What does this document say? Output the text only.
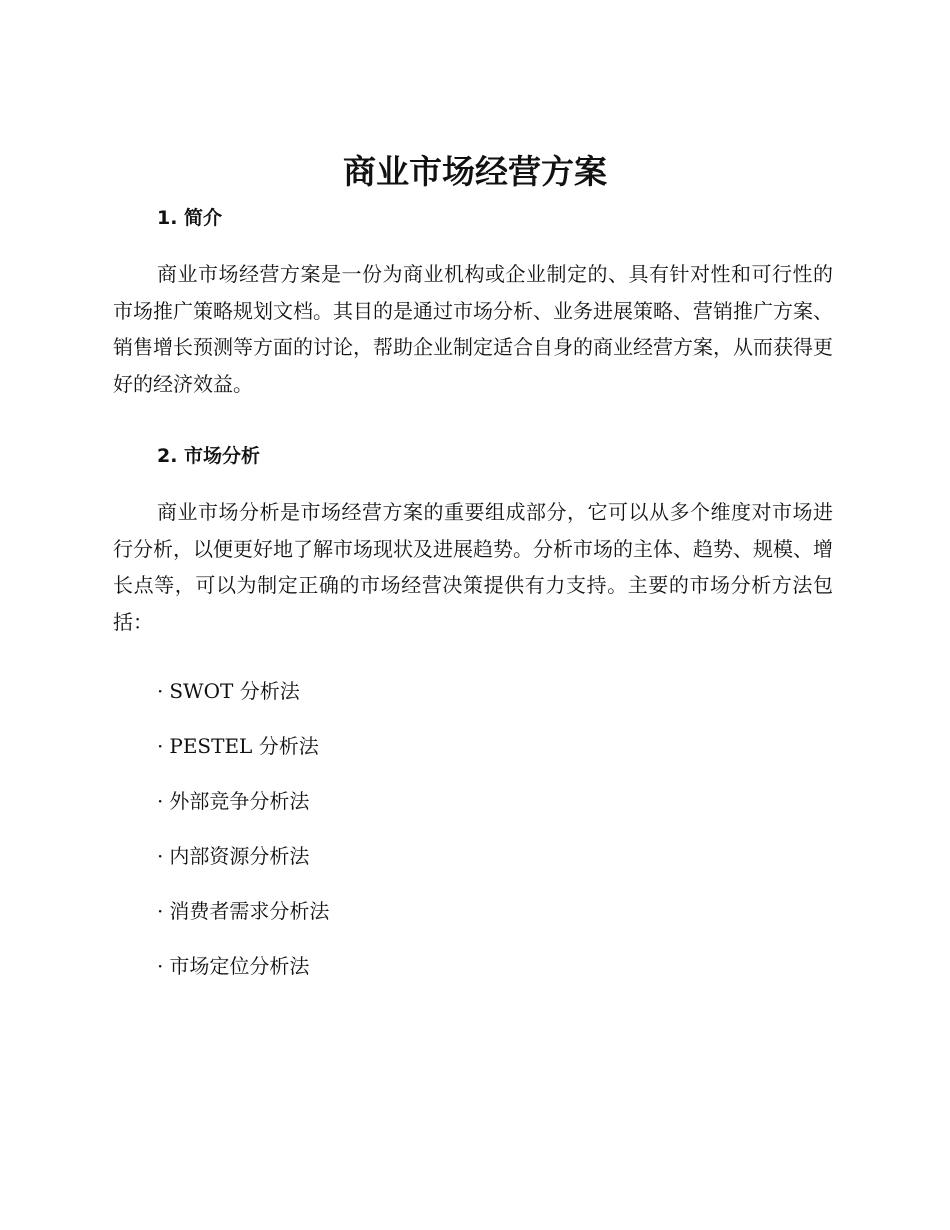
商业市场经营方案
1. 简介

商业市场经营方案是一份为商业机构或企业制定的、具有针对性和可行性的市场推广策略规划文档。其目的是通过市场分析、业务进展策略、营销推广方案、销售增长预测等方面的讨论，帮助企业制定适合自身的商业经营方案，从而获得更好的经济效益。

2. 市场分析

商业市场分析是市场经营方案的重要组成部分，它可以从多个维度对市场进行分析，以便更好地了解市场现状及进展趋势。分析市场的主体、趋势、规模、增长点等，可以为制定正确的市场经营决策提供有力支持。主要的市场分析方法包括：

· SWOT 分析法
· PESTEL 分析法
· 外部竞争分析法
· 内部资源分析法
· 消费者需求分析法
· 市场定位分析法
